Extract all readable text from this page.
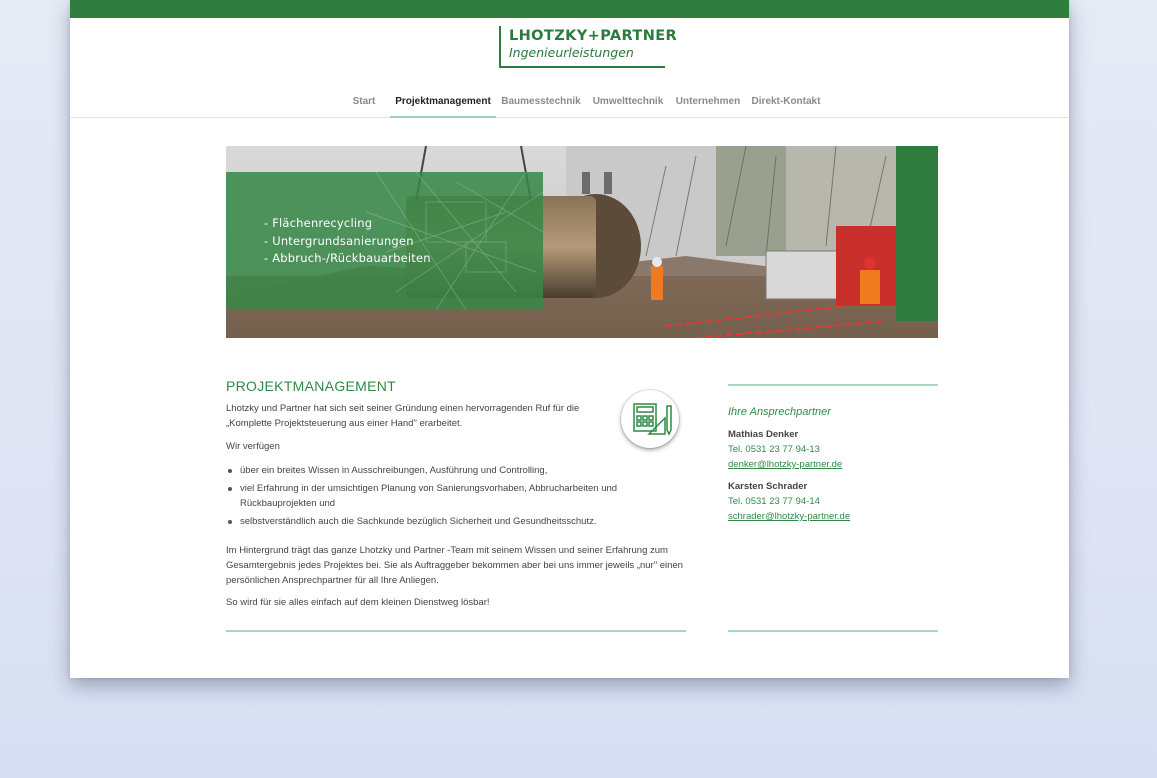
LHOTZKY+PARTNER
Ingenieurleistungen
Start	Projektmanagement	Baumesstechnik Umwelttechnik Unternehmen Direkt-Kontakt
- Flächenrecycling
- Untergrundsanierungen
- Abbruch-/Rückbauarbeiten
PROJEKTMANAGEMENT
Lhotzky und Partner hat sich seit seiner Gründung einen hervorragenden Ruf für die „Komplette Projektsteuerung aus einer Hand" erarbeitet.
Wir verfügen
über ein breites Wissen in Ausschreibungen, Ausführung und Controlling,
viel Erfahrung in der umsichtigen Planung von Sanierungsvorhaben, Abbrucharbeiten und Rückbauprojekten und
selbstverständlich auch die Sachkunde bezüglich Sicherheit und Gesundheitsschutz.
Im Hintergrund trägt das ganze Lhotzky und Partner -Team mit seinem Wissen und seiner Erfahrung zum Gesamtergebnis jedes Projektes bei. Sie als Auftraggeber bekommen aber bei uns immer jeweils „nur" einen persönlichen Ansprechpartner für all Ihre Anliegen.
So wird für sie alles einfach auf dem kleinen Dienstweg lösbar!
Ihre Ansprechpartner
Mathias Denker
Tel. 0531 23 77 94-13
denker@lhotzky-partner.de
Karsten Schrader
Tel. 0531 23 77 94-14
schrader@lhotzky-partner.de
